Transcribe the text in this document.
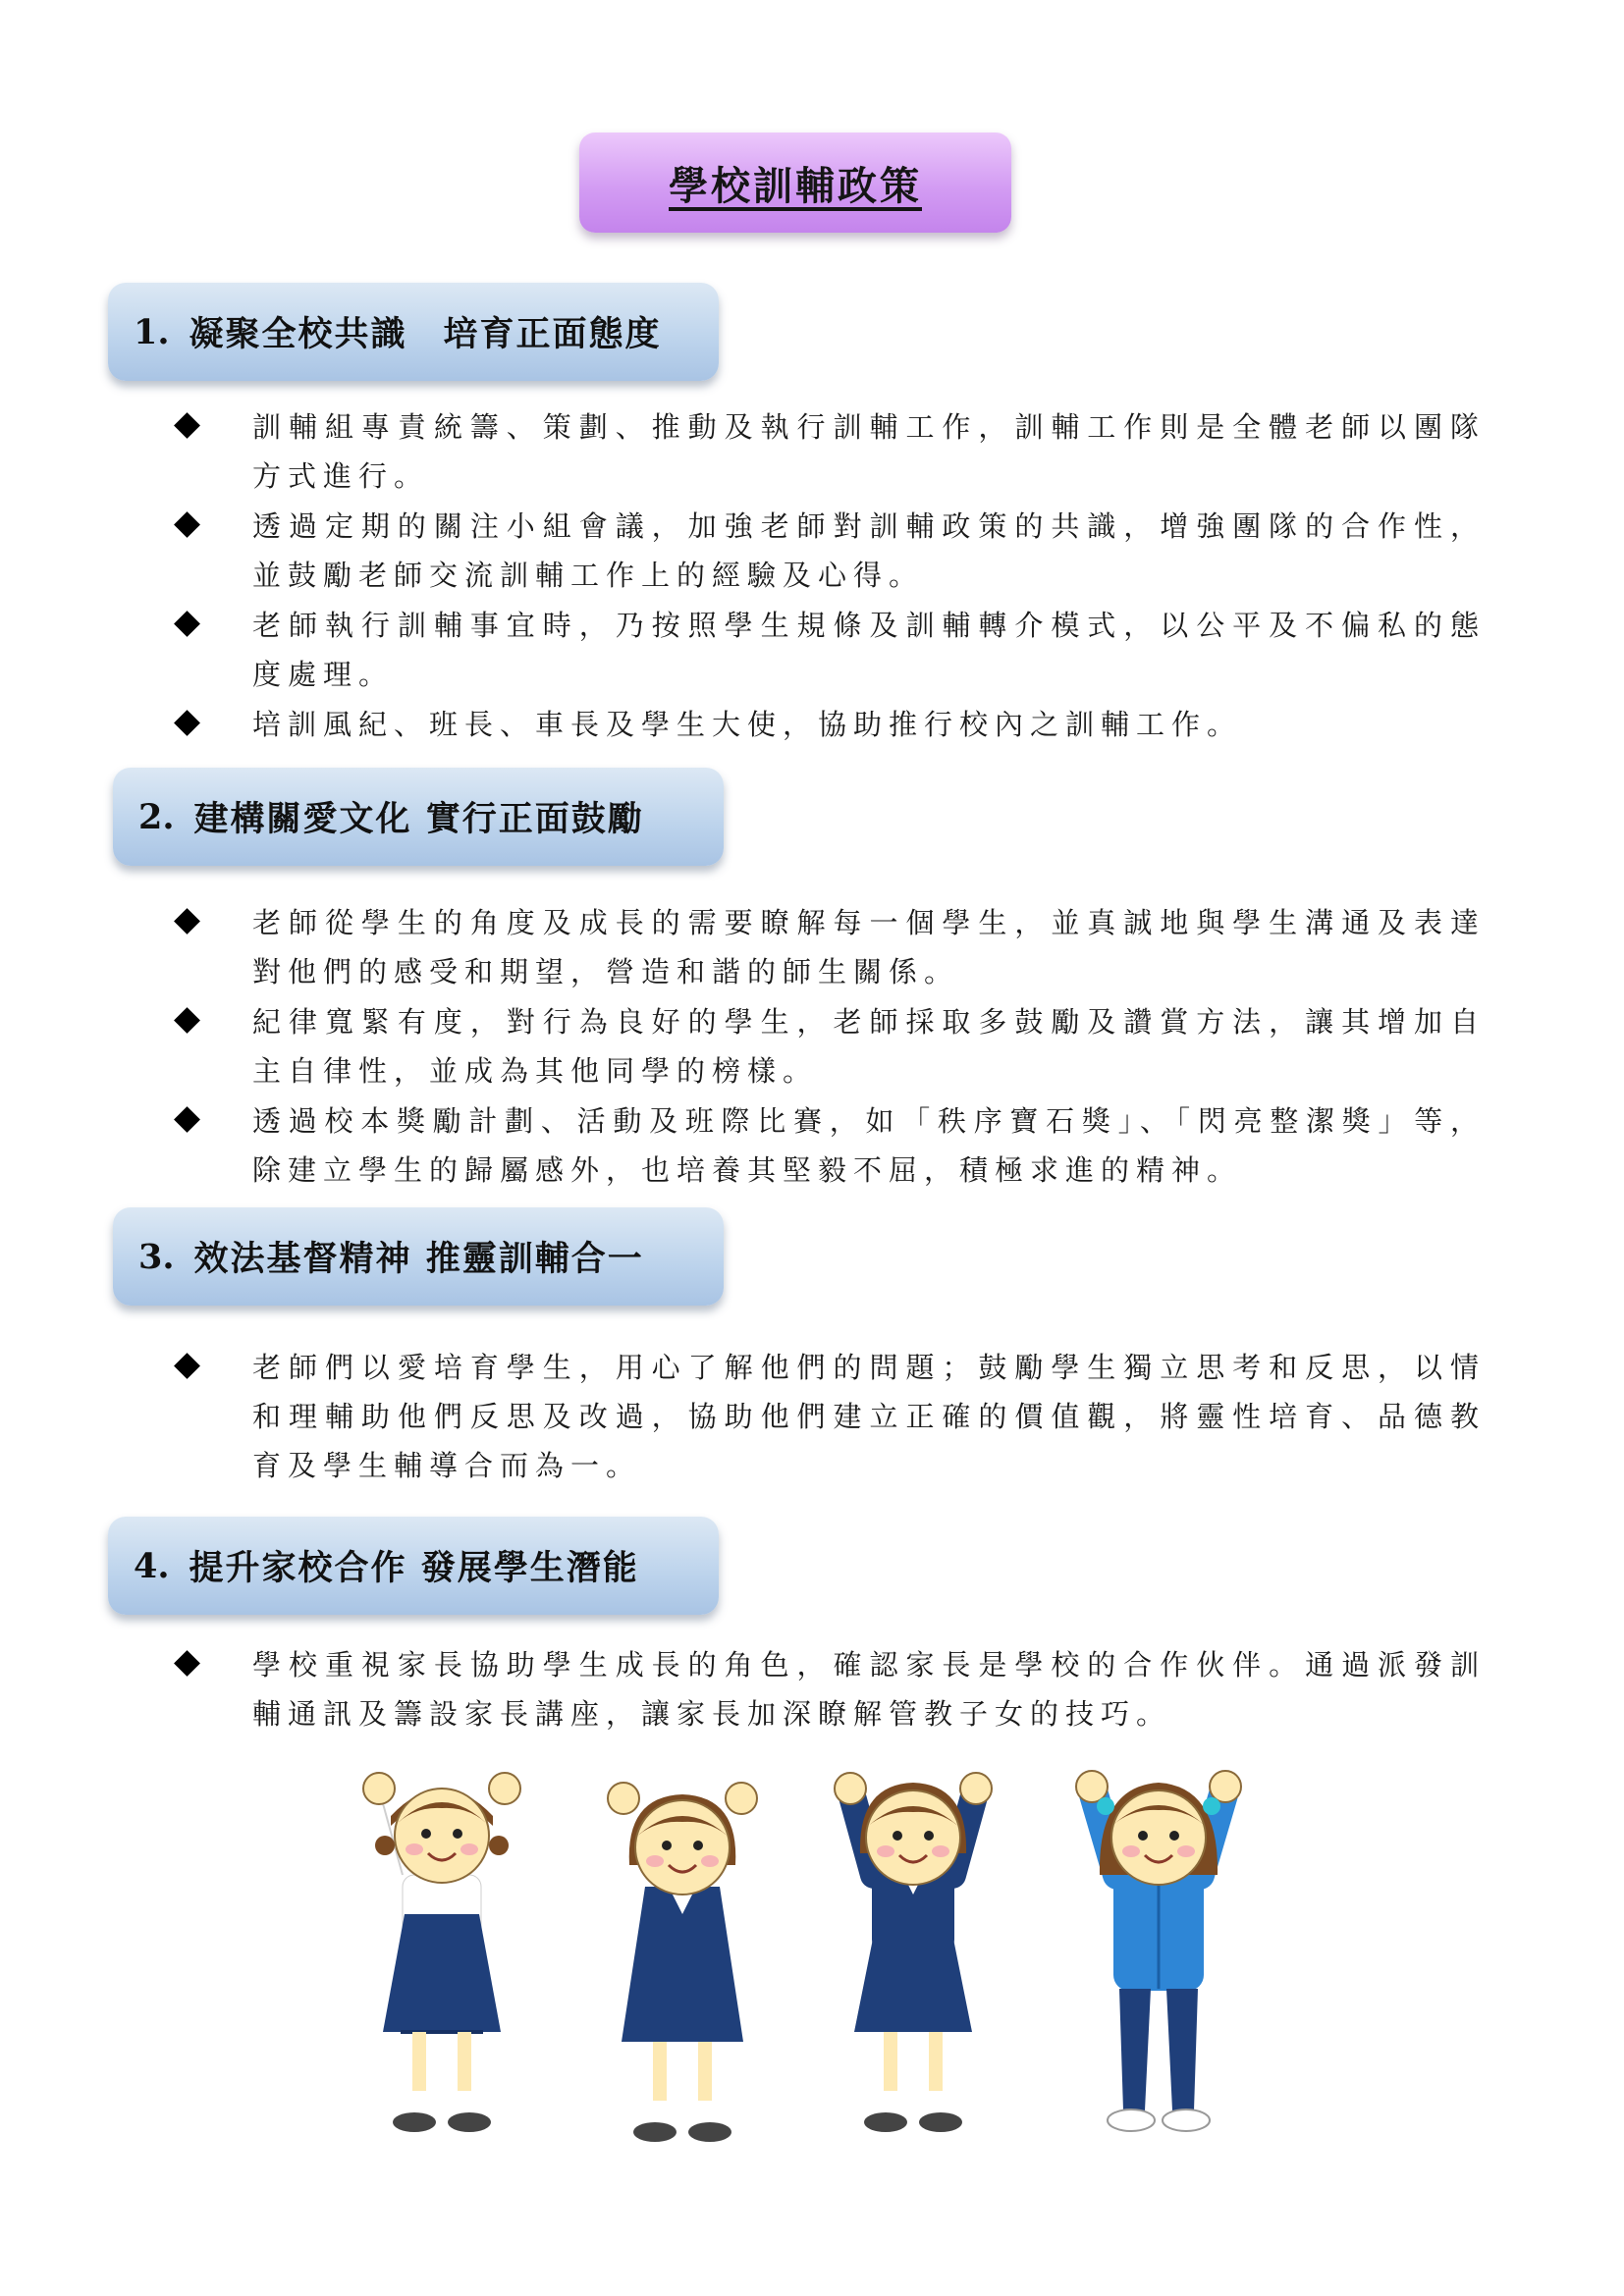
學校訓輔政策
1. 凝聚全校共識　培育正面態度
訓輔組專責統籌、策劃、推動及執行訓輔工作，訓輔工作則是全體老師以團隊方式進行。
透過定期的關注小組會議，加強老師對訓輔政策的共識，增強團隊的合作性，並鼓勵老師交流訓輔工作上的經驗及心得。
老師執行訓輔事宜時，乃按照學生規條及訓輔轉介模式，以公平及不偏私的態度處理。
培訓風紀、班長、車長及學生大使，協助推行校內之訓輔工作。
2. 建構關愛文化 實行正面鼓勵
老師從學生的角度及成長的需要瞭解每一個學生，並真誠地與學生溝通及表達對他們的感受和期望，營造和諧的師生關係。
紀律寬緊有度，對行為良好的學生，老師採取多鼓勵及讚賞方法，讓其增加自主自律性，並成為其他同學的榜樣。
透過校本獎勵計劃、活動及班際比賽，如「秩序寶石獎」、「閃亮整潔獎」等，除建立學生的歸屬感外，也培養其堅毅不屈，積極求進的精神。
3. 效法基督精神 推靈訓輔合一
老師們以愛培育學生，用心了解他們的問題；鼓勵學生獨立思考和反思，以情和理輔助他們反思及改過，協助他們建立正確的價值觀，將靈性培育、品德教育及學生輔導合而為一。
4. 提升家校合作 發展學生潛能
學校重視家長協助學生成長的角色，確認家長是學校的合作伙伴。通過派發訓輔通訊及籌設家長講座，讓家長加深瞭解管教子女的技巧。
